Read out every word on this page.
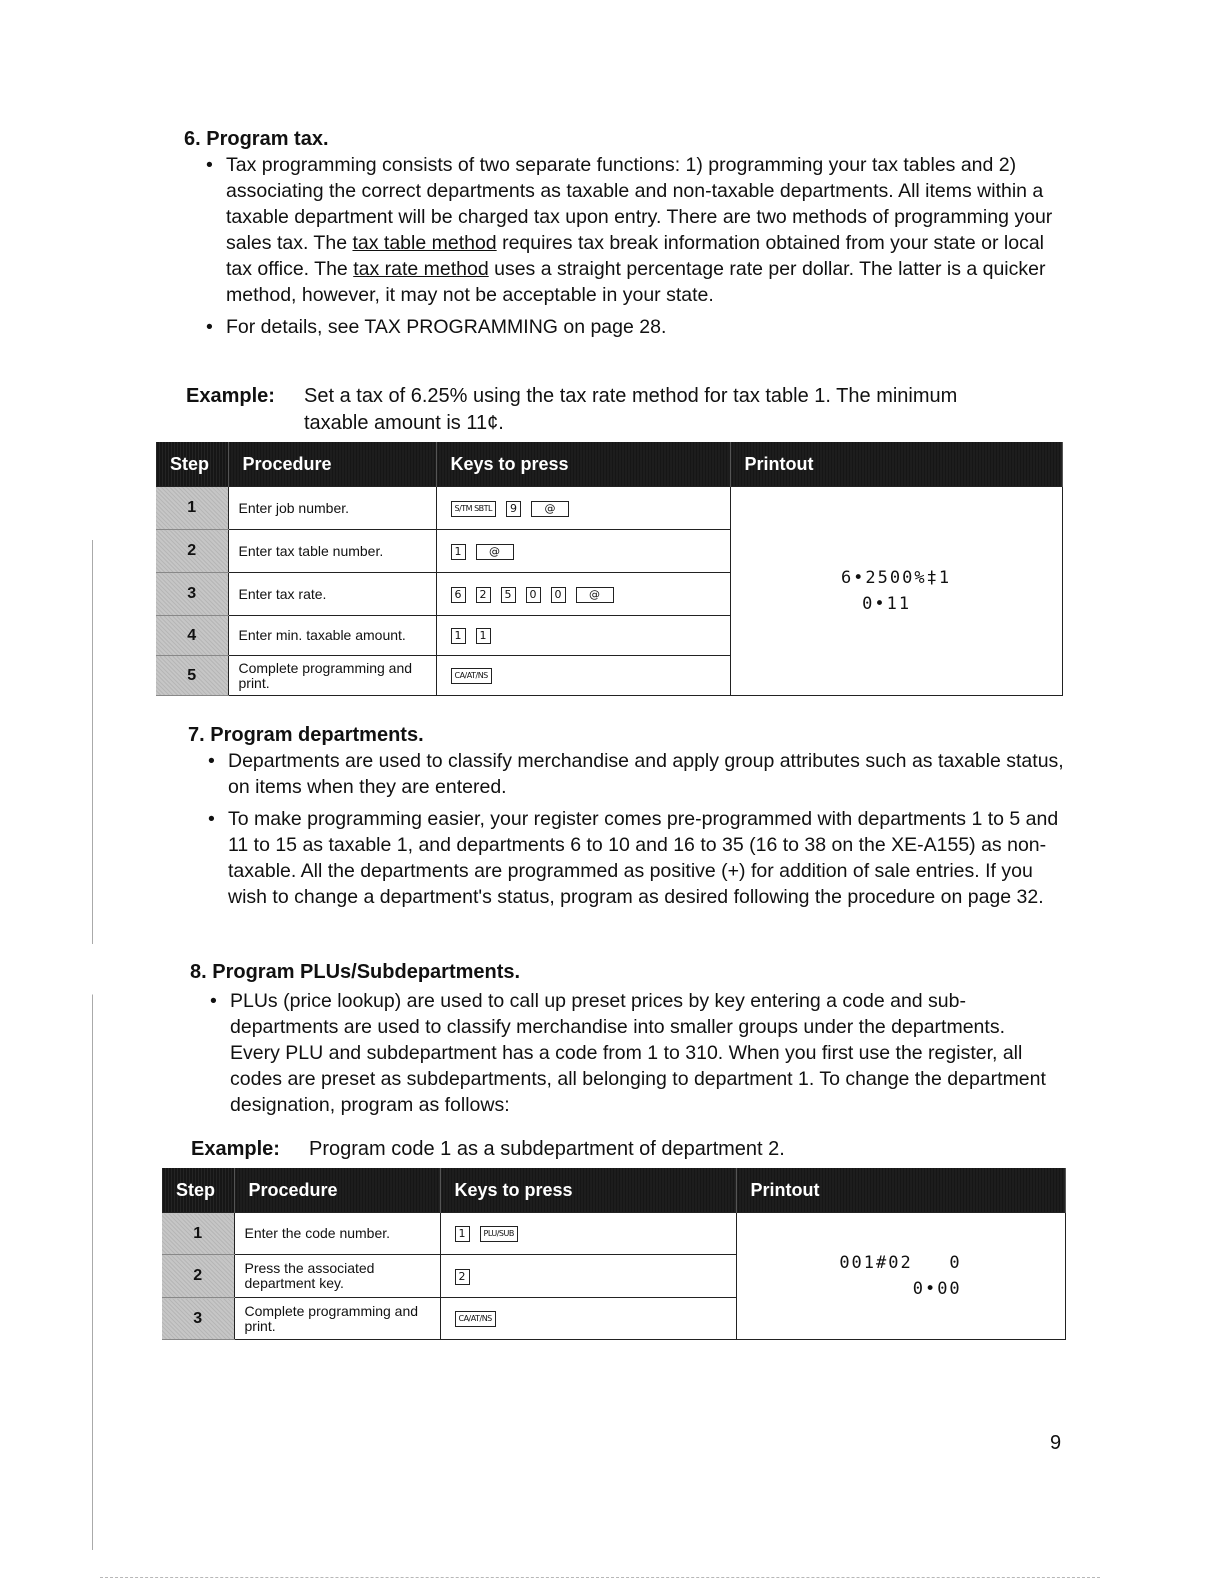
6. Program tax.
• Tax programming consists of two separate functions: 1) programming your tax tables and 2) associating the correct departments as taxable and non-taxable departments. All items within a taxable department will be charged tax upon entry. There are two methods of programming your sales tax. The tax table method requires tax break information obtained from your state or local tax office. The tax rate method uses a straight percentage rate per dollar. The latter is a quicker method, however, it may not be acceptable in your state.
• For details, see TAX PROGRAMMING on page 28.
Example:	Set a tax of 6.25% using the tax rate method for tax table 1. The minimum taxable amount is 11¢.
Step	Procedure	Keys to press	Printout
1	Enter job number.	S/TM SBTL 9 @	6•2500%‡1
0•11

2	Enter tax table number.	1 @	
3	Enter tax rate.	6 2 5 0 0 @	
4	Enter min. taxable amount.	1 1	
5	Complete programming and print.	CA/AT/NS	
7. Program departments.
• Departments are used to classify merchandise and apply group attributes such as taxable status, on items when they are entered.
• To make programming easier, your register comes pre-programmed with departments 1 to 5 and 11 to 15 as taxable 1, and departments 6 to 10 and 16 to 35 (16 to 38 on the XE-A155) as non-taxable. All the departments are programmed as positive (+) for addition of sale entries. If you wish to change a department's status, program as desired following the procedure on page 32.
8. Program PLUs/Subdepartments.
• PLUs (price lookup) are used to call up preset prices by key entering a code and sub-departments are used to classify merchandise into smaller groups under the departments. Every PLU and subdepartment has a code from 1 to 310. When you first use the register, all codes are preset as subdepartments, all belonging to department 1. To change the department designation, program as follows:
Example:	Program code 1 as a subdepartment of department 2.
Step	Procedure	Keys to press	Printout
1	Enter the code number.	1 PLU/SUB	001#02   0
0•00

2	Press the associated department key.	2	
3	Complete programming and print.	CA/AT/NS	
9
